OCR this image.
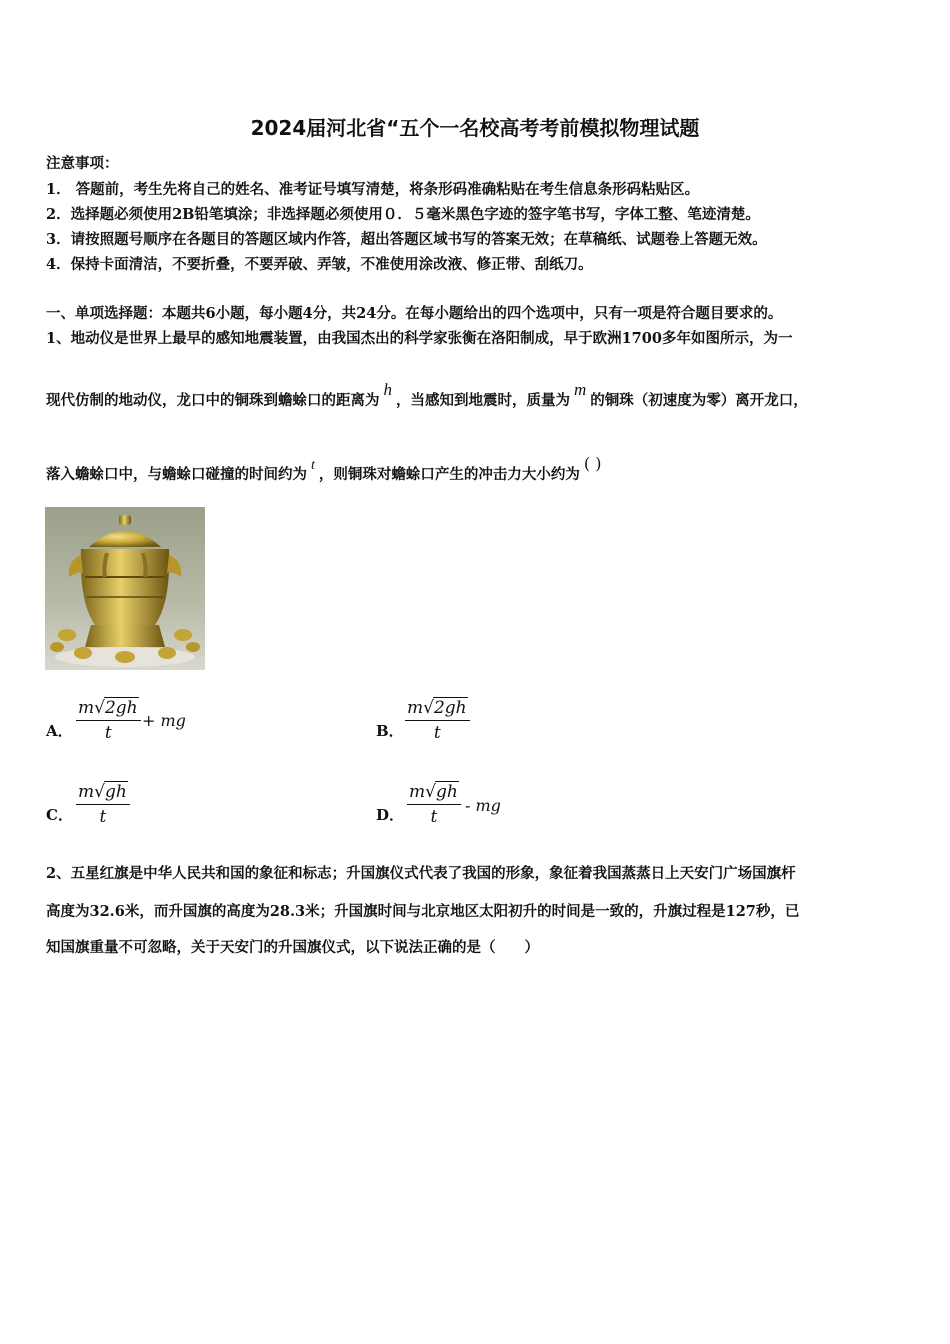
2024届河北省“五个一名校高考考前模拟物理试题
注意事项：
1． 答题前，考生先将自己的姓名、准考证号填写清楚，将条形码准确粘贴在考生信息条形码粘贴区。
2．选择题必须使用2B铅笔填涂；非选择题必须使用０．５毫米黑色字迹的签字笔书写，字体工整、笔迹清楚。
3．请按照题号顺序在各题目的答题区域内作答，超出答题区域书写的答案无效；在草稿纸、试题卷上答题无效。
4．保持卡面清洁，不要折叠，不要弄破、弄皱，不准使用涂改液、修正带、刮纸刀。
一、单项选择题：本题共6小题，每小题4分，共24分。在每小题给出的四个选项中，只有一项是符合题目要求的。
1、地动仪是世界上最早的感知地震装置，由我国杰出的科学家张衡在洛阳制成，早于欧洲1700多年如图所示，为一
现代仿制的地动仪，龙口中的铜珠到蟾蜍口的距离为h，当感知到地震时，质量为m的铜珠（初速度为零）离开龙口，
落入蟾蜍口中，与蟾蜍口碰撞的时间约为t，则铜珠对蟾蜍口产生的冲击力大小约为( )
A．
m√2gh
t
+ mg
B．
m√2gh
t
C．
m√gh
t	D．
m√gh
t
- mg
2、五星红旗是中华人民共和国的象征和标志；升国旗仪式代表了我国的形象，象征着我国蒸蒸日上天安门广场国旗杆
高度为32.6米，而升国旗的高度为28.3米；升国旗时间与北京地区太阳初升的时间是一致的，升旗过程是127秒，已
知国旗重量不可忽略，关于天安门的升国旗仪式，以下说法正确的是（　　）
